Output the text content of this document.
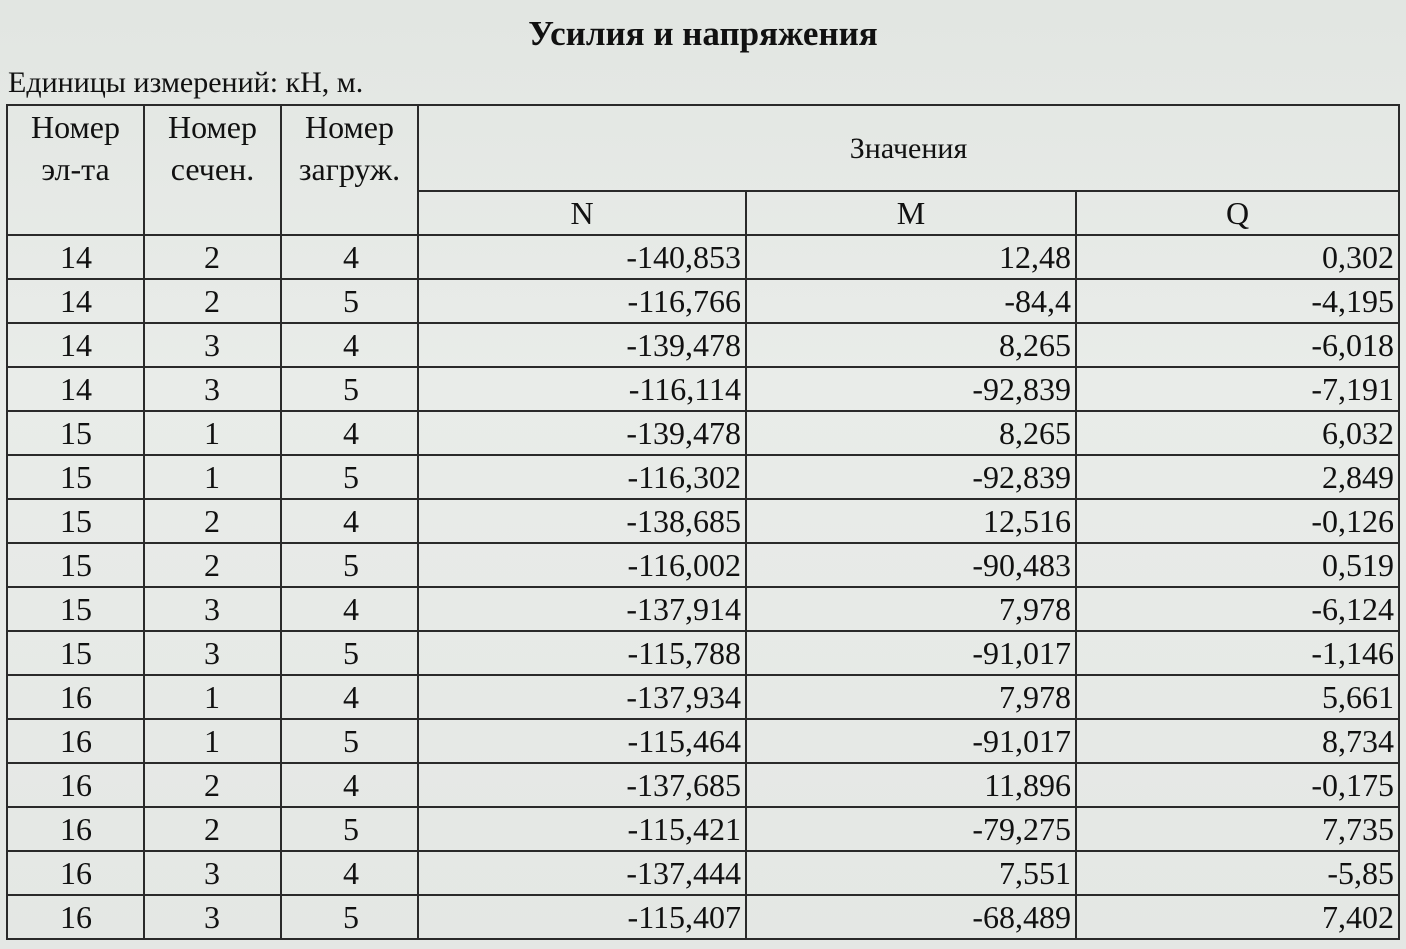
Усилия и напряжения
Единицы измерений: кН, м.
Номер эл-та	Номер сечен.	Номер загруж.	Значения		
			N	M	Q
14	2	4	-140,853	12,48	0,302
14	2	5	-116,766	-84,4	-4,195
14	3	4	-139,478	8,265	-6,018
14	3	5	-116,114	-92,839	-7,191
15	1	4	-139,478	8,265	6,032
15	1	5	-116,302	-92,839	2,849
15	2	4	-138,685	12,516	-0,126
15	2	5	-116,002	-90,483	0,519
15	3	4	-137,914	7,978	-6,124
15	3	5	-115,788	-91,017	-1,146
16	1	4	-137,934	7,978	5,661
16	1	5	-115,464	-91,017	8,734
16	2	4	-137,685	11,896	-0,175
16	2	5	-115,421	-79,275	7,735
16	3	4	-137,444	7,551	-5,85
16	3	5	-115,407	-68,489	7,402
